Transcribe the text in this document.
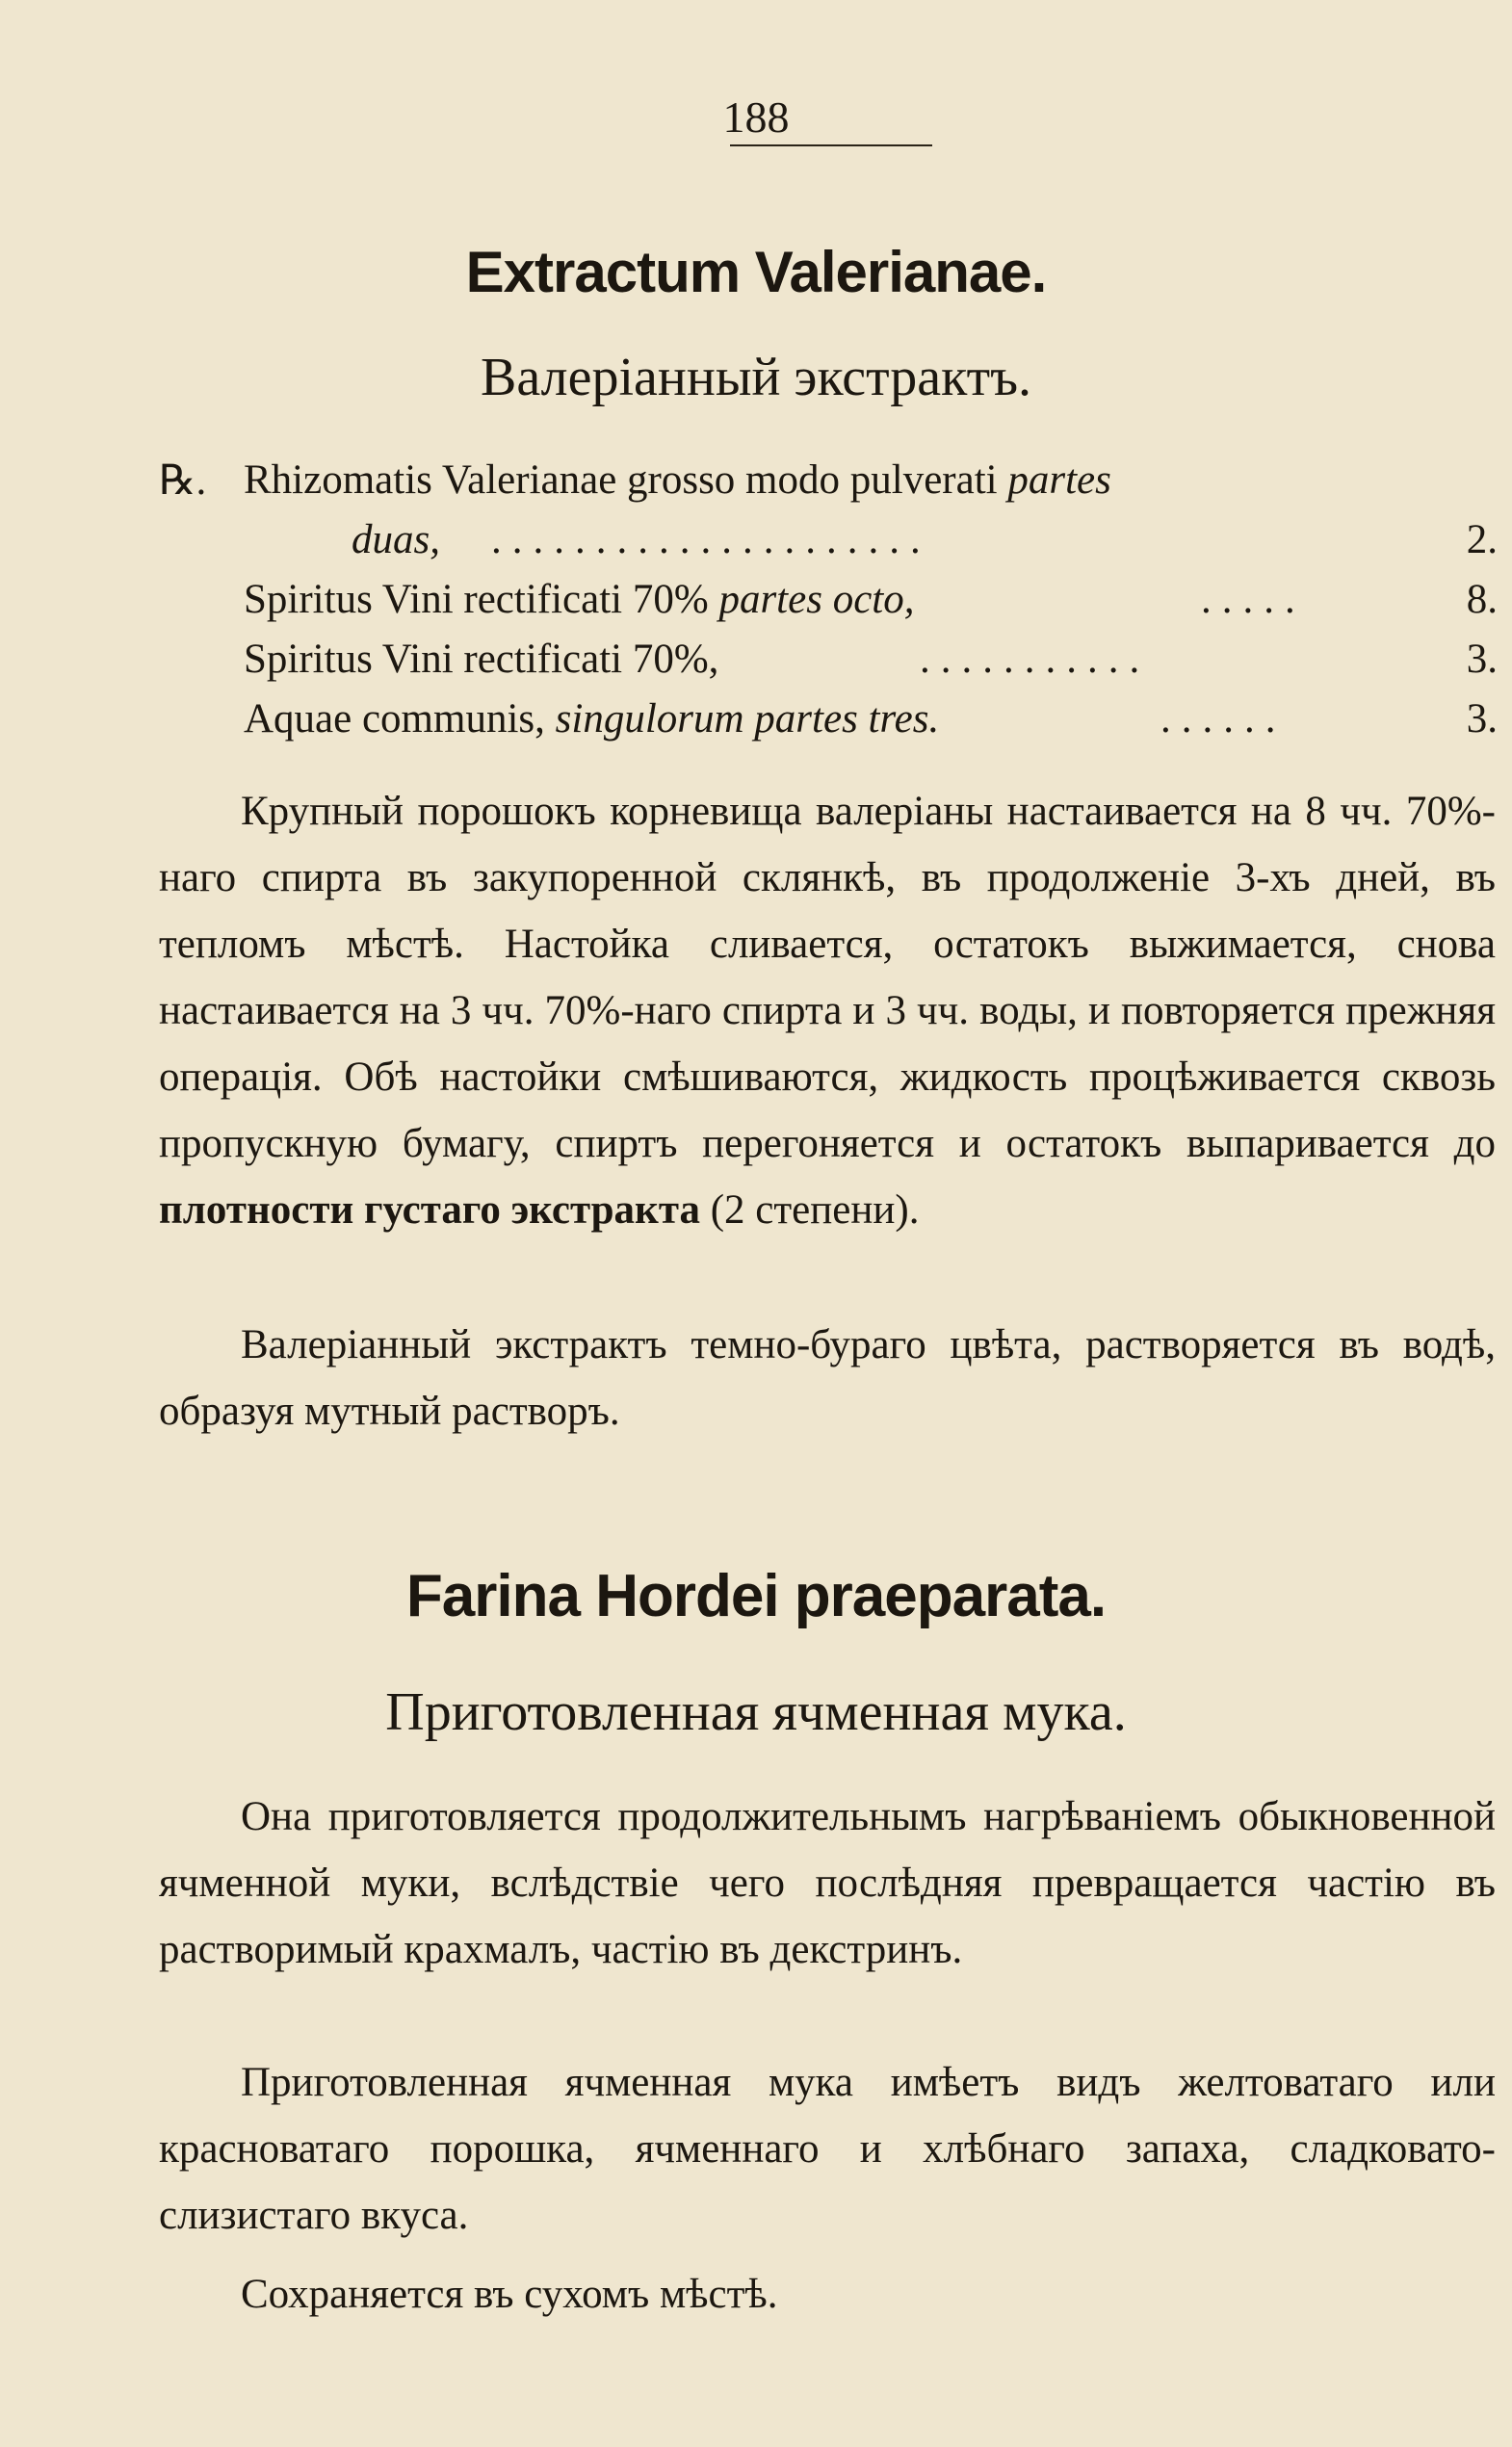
188
Extractum Valerianae.
Валеріанный экстрактъ.
℞. Rhizomatis Valerianae grosso modo pulverati partes
duas, .....................	2.
Spiritus Vini rectificati 70% partes octo,	.....	8.
Spiritus Vini rectificati 70%,	...........	3.
Aquae communis, singulorum partes tres.	......	3.
Крупный порошокъ корневища валеріаны настаивается на 8 чч. 70%-наго спирта въ закупоренной склянкѣ, въ продолженіе 3-хъ дней, въ тепломъ мѣстѣ. Настойка сливается, остатокъ выжимается, снова настаивается на 3 чч. 70%-наго спирта и 3 чч. воды, и повторяется прежняя операція. Обѣ настойки смѣшиваются, жидкость процѣживается сквозь пропускную бумагу, спиртъ перегоняется и остатокъ выпаривается до плотности густаго экстракта (2 степени).
Валеріанный экстрактъ темно-бураго цвѣта, растворяется въ водѣ, образуя мутный растворъ.
Farina Hordei praeparata.
Приготовленная ячменная мука.
Она приготовляется продолжительнымъ нагрѣваніемъ обыкновенной ячменной муки, вслѣдствіе чего послѣдняя превращается частію въ растворимый крахмалъ, частію въ декстринъ.
Приготовленная ячменная мука имѣетъ видъ желтоватаго или красноватаго порошка, ячменнаго и хлѣбнаго запаха, сладковато-слизистаго вкуса.
Сохраняется въ сухомъ мѣстѣ.
